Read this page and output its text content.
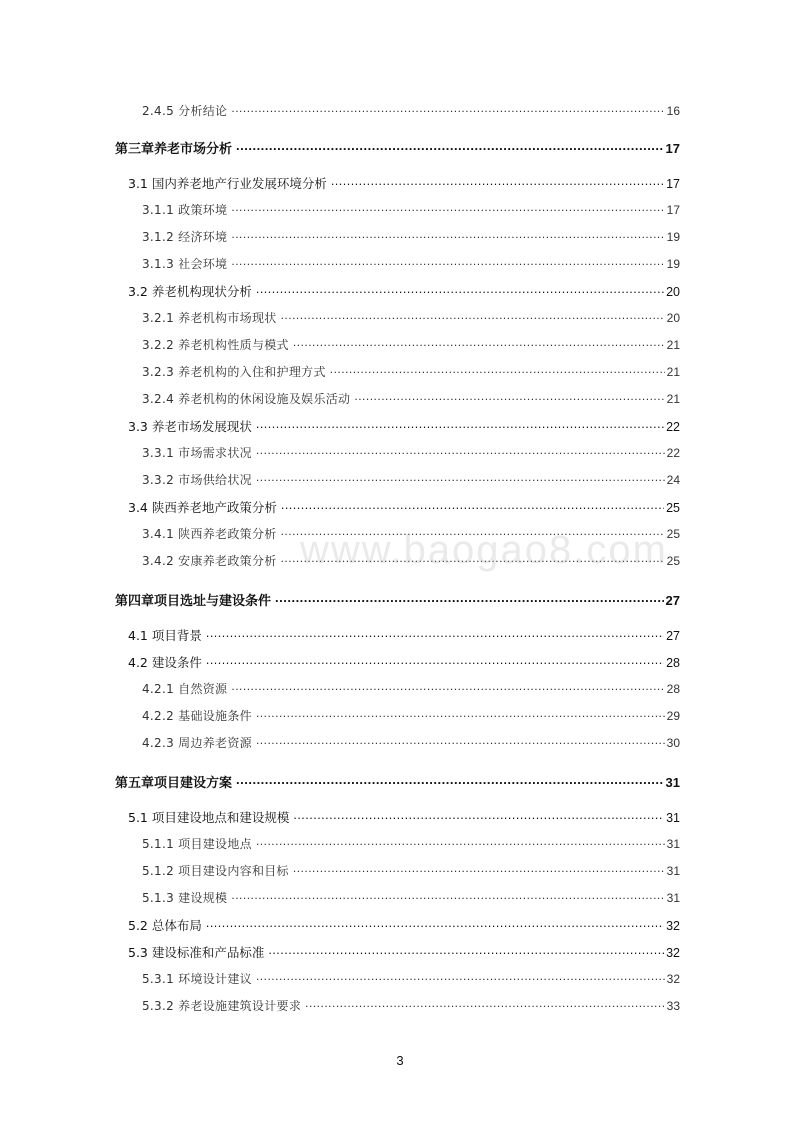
2.4.5 分析结论 .....	16
第三章养老市场分析 .....	17
3.1 国内养老地产行业发展环境分析 .....	17
3.1.1 政策环境 .....	17
3.1.2 经济环境 .....	19
3.1.3 社会环境 .....	19
3.2 养老机构现状分析 .....	20
3.2.1 养老机构市场现状 .....	20
3.2.2 养老机构性质与模式 .....	21
3.2.3 养老机构的入住和护理方式 .....	21
3.2.4 养老机构的休闲设施及娱乐活动 .....	21
3.3 养老市场发展现状 .....	22
3.3.1 市场需求状况 .....	22
3.3.2 市场供给状况 .....	24
3.4 陕西养老地产政策分析 .....	25
3.4.1 陕西养老政策分析 .....	25
3.4.2 安康养老政策分析 .....	25
第四章项目选址与建设条件 .....	27
4.1 项目背景 .....	27
4.2 建设条件 .....	28
4.2.1 自然资源 .....	28
4.2.2 基础设施条件 .....	29
4.2.3 周边养老资源 .....	30
第五章项目建设方案 .....	31
5.1 项目建设地点和建设规模 .....	31
5.1.1 项目建设地点 .....	31
5.1.2 项目建设内容和目标 .....	31
5.1.3 建设规模 .....	31
5.2 总体布局 .....	32
5.3 建设标准和产品标准 .....	32
5.3.1 环境设计建议 .....	32
5.3.2 养老设施建筑设计要求 .....	33
www.baogao8.com
3
